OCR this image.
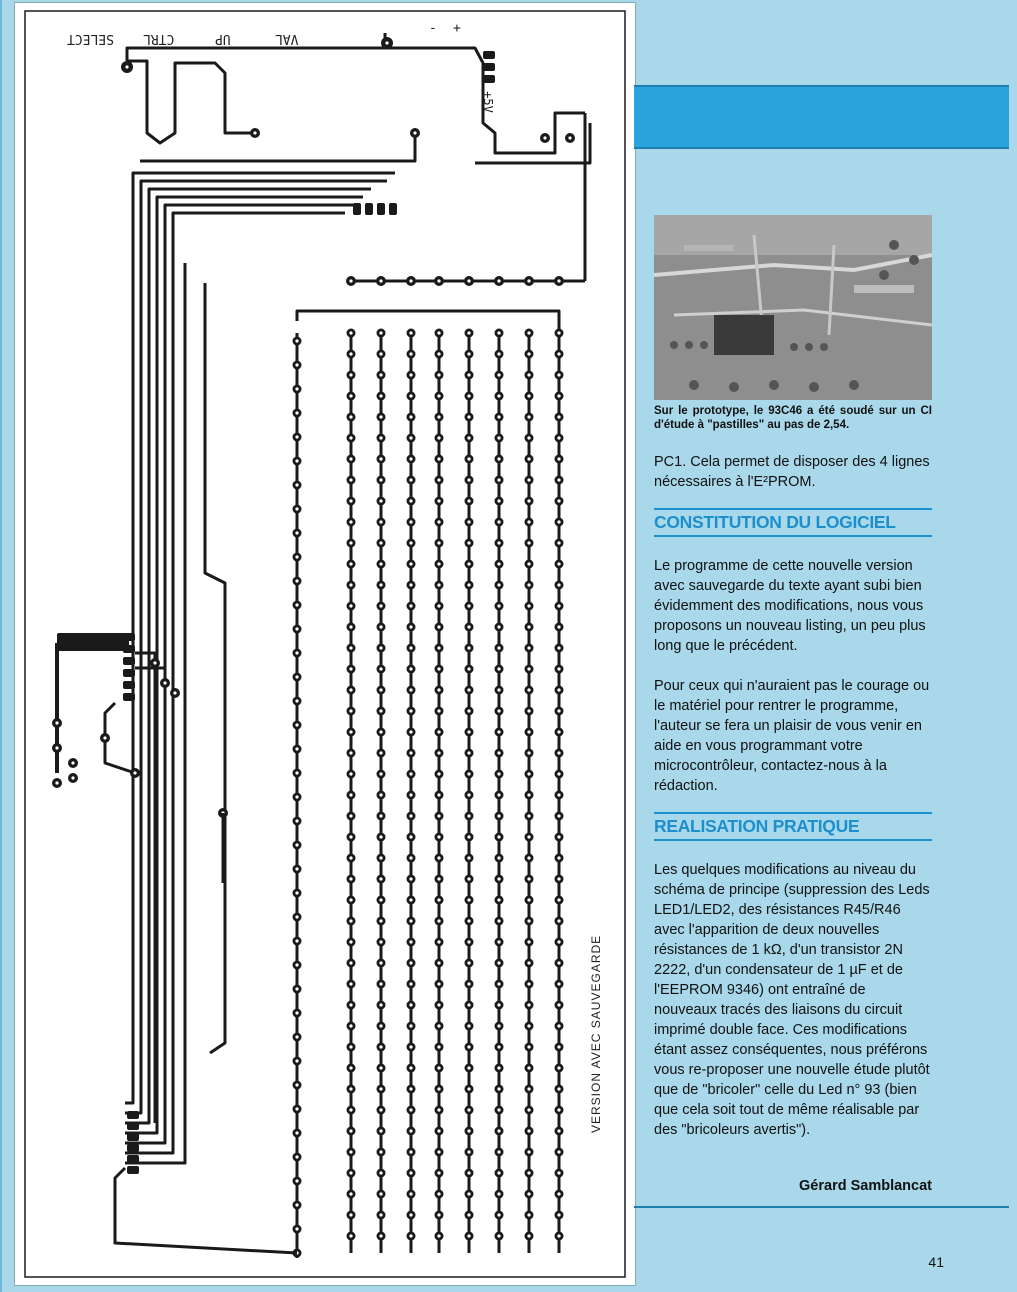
SELECT CTRL	UP	VAL
- +
+5V
VERSION AVEC SAUVEGARDE
Sur le prototype, le 93C46 a été soudé sur un CI d'étude à "pastilles" au pas de 2,54.
PC1. Cela permet de disposer des 4 lignes nécessaires à l'E²PROM.
CONSTITUTION DU LOGICIEL
Le programme de cette nouvelle version avec sauvegarde du texte ayant subi bien évidemment des modifications, nous vous proposons un nouveau listing, un peu plus long que le précédent.
Pour ceux qui n'auraient pas le courage ou le matériel pour rentrer le programme, l'auteur se fera un plaisir de vous venir en aide en vous programmant votre microcontrôleur, contactez-nous à la rédaction.
REALISATION PRATIQUE
Les quelques modifications au niveau du schéma de principe (suppression des Leds LED1/LED2, des résistances R45/R46 avec l'apparition de deux nouvelles résistances de 1 kΩ, d'un transistor 2N 2222, d'un condensateur de 1 µF et de l'EEPROM 9346) ont entraîné de nouveaux tracés des liaisons du circuit imprimé double face. Ces modifications étant assez conséquentes, nous préférons vous re-proposer une nouvelle étude plutôt que de "bricoler" celle du Led n° 93 (bien que cela soit tout de même réalisable par des "bricoleurs avertis").
Gérard Samblancat
41
